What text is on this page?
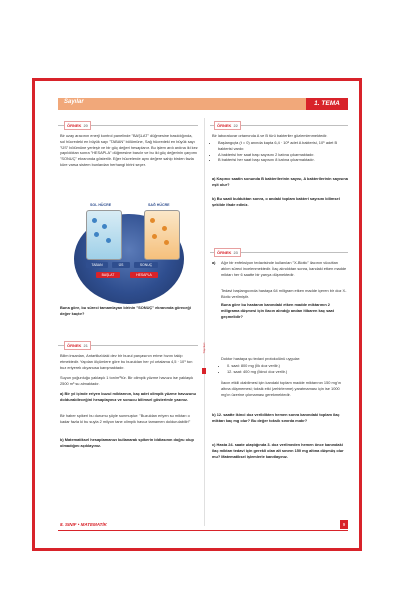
Sayılar	1. TEMA
Yayınları
ÖRNEK 20
Bir uzay aracının enerji kontrol panelinde "BAŞLAT" düğmesine basıldığında, sol hücredeki en büyük sayı "TABAN" bölümüne, Sağ hücredeki en büyük sayı "ÜS" bölümüne yerleşir ve bir güç değeri hesaplanır. Bu işlem ardı ardına iki kez yapıldıktan sonra "HESAPLA" düğmesine basılır ve bu iki güç değerinin çarpımı "SONUÇ" ekranında gösterilir. Eğer hücrelerde aynı değere sahip birden fazla küre varsa sistem bunlardan herhangi birini seçer.
SOL HÜCRE	SAĞ HÜCRE
TABAN	ÜS	SONUÇ
BAŞLAT	HESAPLA
Buna göre, bu süreci tamamlayan birinin "SONUÇ" ekranında göreceği değer kaçtır?
ÖRNEK 21
Bilim insanları, Antartika'daki dev bir buzul parçasının erime hızını takip etmektedir. Yapılan ölçümlere göre bu buzuldan her yıl ortalama 4,5 · 10⁹ ton buz eriyerek okyanusa karışmaktadır.
Suyun yoğunluğu yaklaşık 1 ton/m³'tür. Bir olimpik yüzme havuzu ise yaklaşık 2500 m³ su almaktadır.
a) Bir yıl içinde eriyen buzul miktarının, kaç adet olimpik yüzme havuzunu doldurabileceğini hesaplayınız ve sonucu bilimsel gösterimle yazınız.
Bir haber spikeri bu durumu şöyle sunmuştur: "Buzuldan eriyen su miktarı o kadar fazla ki bu suyla 2 milyon tane olimpik havuz tamamen doldurulabilir!"
b) Matematiksel hesaplamanızı kullanarak spikerin iddiasının doğru olup olmadığını açıklayınız.
ÖRNEK 22
Bir laboratuvar ortamında A ve B türü bakteriler gözlemlenmektedir.
• Başlangıçta (t = 0) anında kapta 6,4 · 10⁸ adet A bakterisi, 10⁶ adet B bakterisi vardır.
• A bakterisi her saat başı sayısını 2 katına çıkarmaktadır.
• B bakterisi her saat başı sayısını 8 katına çıkarmaktadır.
a) Kaçıncı saatin sonunda B bakterilerinin sayısı, A bakterilerinin sayısına eşit olur?
b) Bu saati bulduktan sonra, o andaki toplam bakteri sayısını bilimsel şekilde ifade ediniz.
ÖRNEK 23
a) Ağır bir enfeksiyon tedavisinde kullanılan "X-Biotic" ilacının vücuttan atılım süreci incelenmektedir. İlaç alındıktan sonra, kandaki etken madde miktarı her 6 saatte bir yarıya düşmektedir.
Tedavi başlangıcında hastaya 64 miligram etken madde içeren bir doz X-Biotic verilmiştir.
Buna göre bu hastanın kanındaki etken madde miktarının 2 miligrama düşmesi için ilacın alındığı andan itibaren kaç saat geçmelidir?
Doktor hastaya şu tedavi protokolünü uygular:
• 0. saat: 800 mg (İlk doz verilir.)
• 12. saat: 400 mg (İkinci doz verilir.)
İlacın etkili olabilmesi için kandaki toplam madde miktarının 150 mg'ın altına düşmemesi; toksik etki (zehirlenme) yaratmaması için ise 1000 mg'ın üzerine çıkmaması gerekmektedir.
b) 12. saatte ikinci doz verildikten hemen sonra kanındaki toplam ilaç miktarı kaç mg olur? Bu değer toksik sınırda mıdır?
c) Hasta 24. saate ulaştığında 3. doz verilmeden hemen önce kanındaki ilaç miktarı tedavi için gerekli olan alt sınırın 150 mg altına düşmüş olur mu? Matematiksel işlemlerle kanıtlayınız.
8. SINIF • MATEMATİK	9
